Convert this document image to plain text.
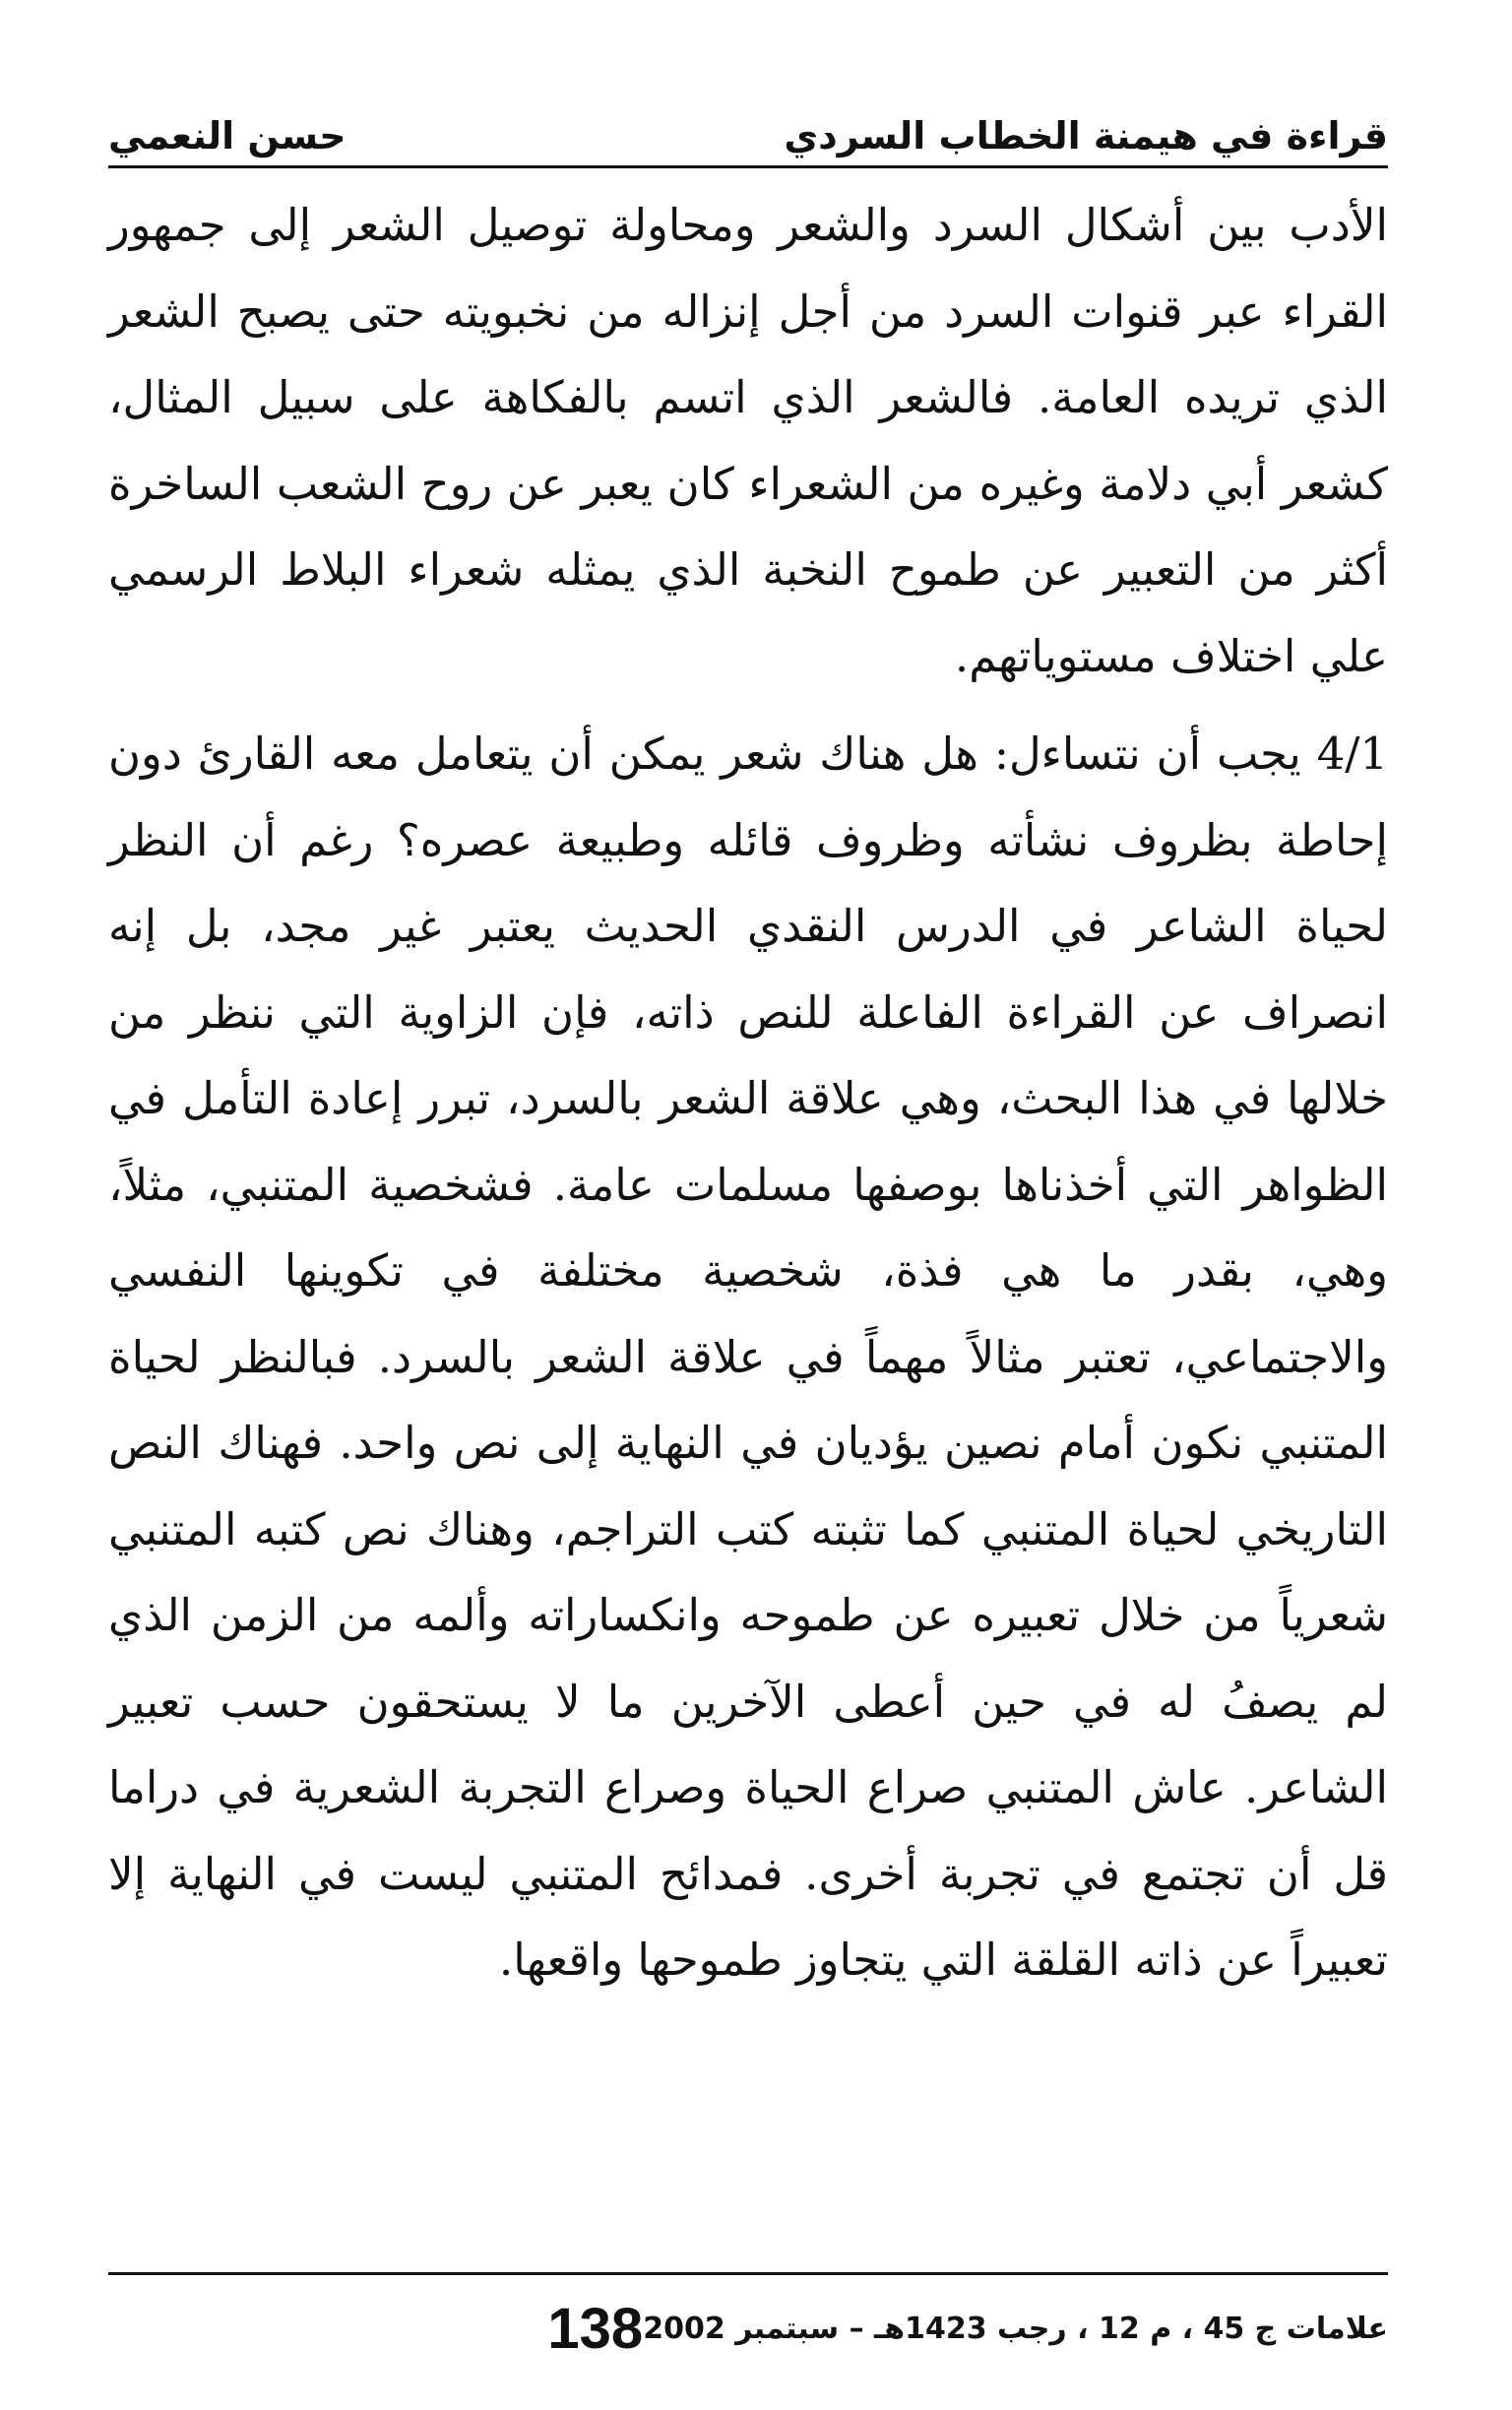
قراءة في هيمنة الخطاب السردي
حسن النعمي

الأدب بين أشكال السرد والشعر ومحاولة توصيل الشعر إلى جمهور القراء عبر قنوات السرد من أجل إنزاله من نخبويته حتى يصبح الشعر الذي تريده العامة. فالشعر الذي اتسم بالفكاهة على سبيل المثال، كشعر أبي دلامة وغيره من الشعراء كان يعبر عن روح الشعب الساخرة أكثر من التعبير عن طموح النخبة الذي يمثله شعراء البلاط الرسمي علي اختلاف مستوياتهم.

4/1 يجب أن نتساءل: هل هناك شعر يمكن أن يتعامل معه القارئ دون إحاطة بظروف نشأته وظروف قائله وطبيعة عصره؟ رغم أن النظر لحياة الشاعر في الدرس النقدي الحديث يعتبر غير مجد، بل إنه انصراف عن القراءة الفاعلة للنص ذاته، فإن الزاوية التي ننظر من خلالها في هذا البحث، وهي علاقة الشعر بالسرد، تبرر إعادة التأمل في الظواهر التي أخذناها بوصفها مسلمات عامة. فشخصية المتنبي، مثلاً، وهي، بقدر ما هي فذة، شخصية مختلفة في تكوينها النفسي والاجتماعي، تعتبر مثالاً مهماً في علاقة الشعر بالسرد. فبالنظر لحياة المتنبي نكون أمام نصين يؤديان في النهاية إلى نص واحد. فهناك النص التاريخي لحياة المتنبي كما تثبته كتب التراجم، وهناك نص كتبه المتنبي شعرياً من خلال تعبيره عن طموحه وانكساراته وألمه من الزمن الذي لم يصفُ له في حين أعطى الآخرين ما لا يستحقون حسب تعبير الشاعر. عاش المتنبي صراع الحياة وصراع التجربة الشعرية في دراما قل أن تجتمع في تجربة أخرى. فمدائح المتنبي ليست في النهاية إلا تعبيراً عن ذاته القلقة التي يتجاوز طموحها واقعها.

علامات ج 45 ، م 12 ، رجب 1423هـ – سبتمبر 2002
138
